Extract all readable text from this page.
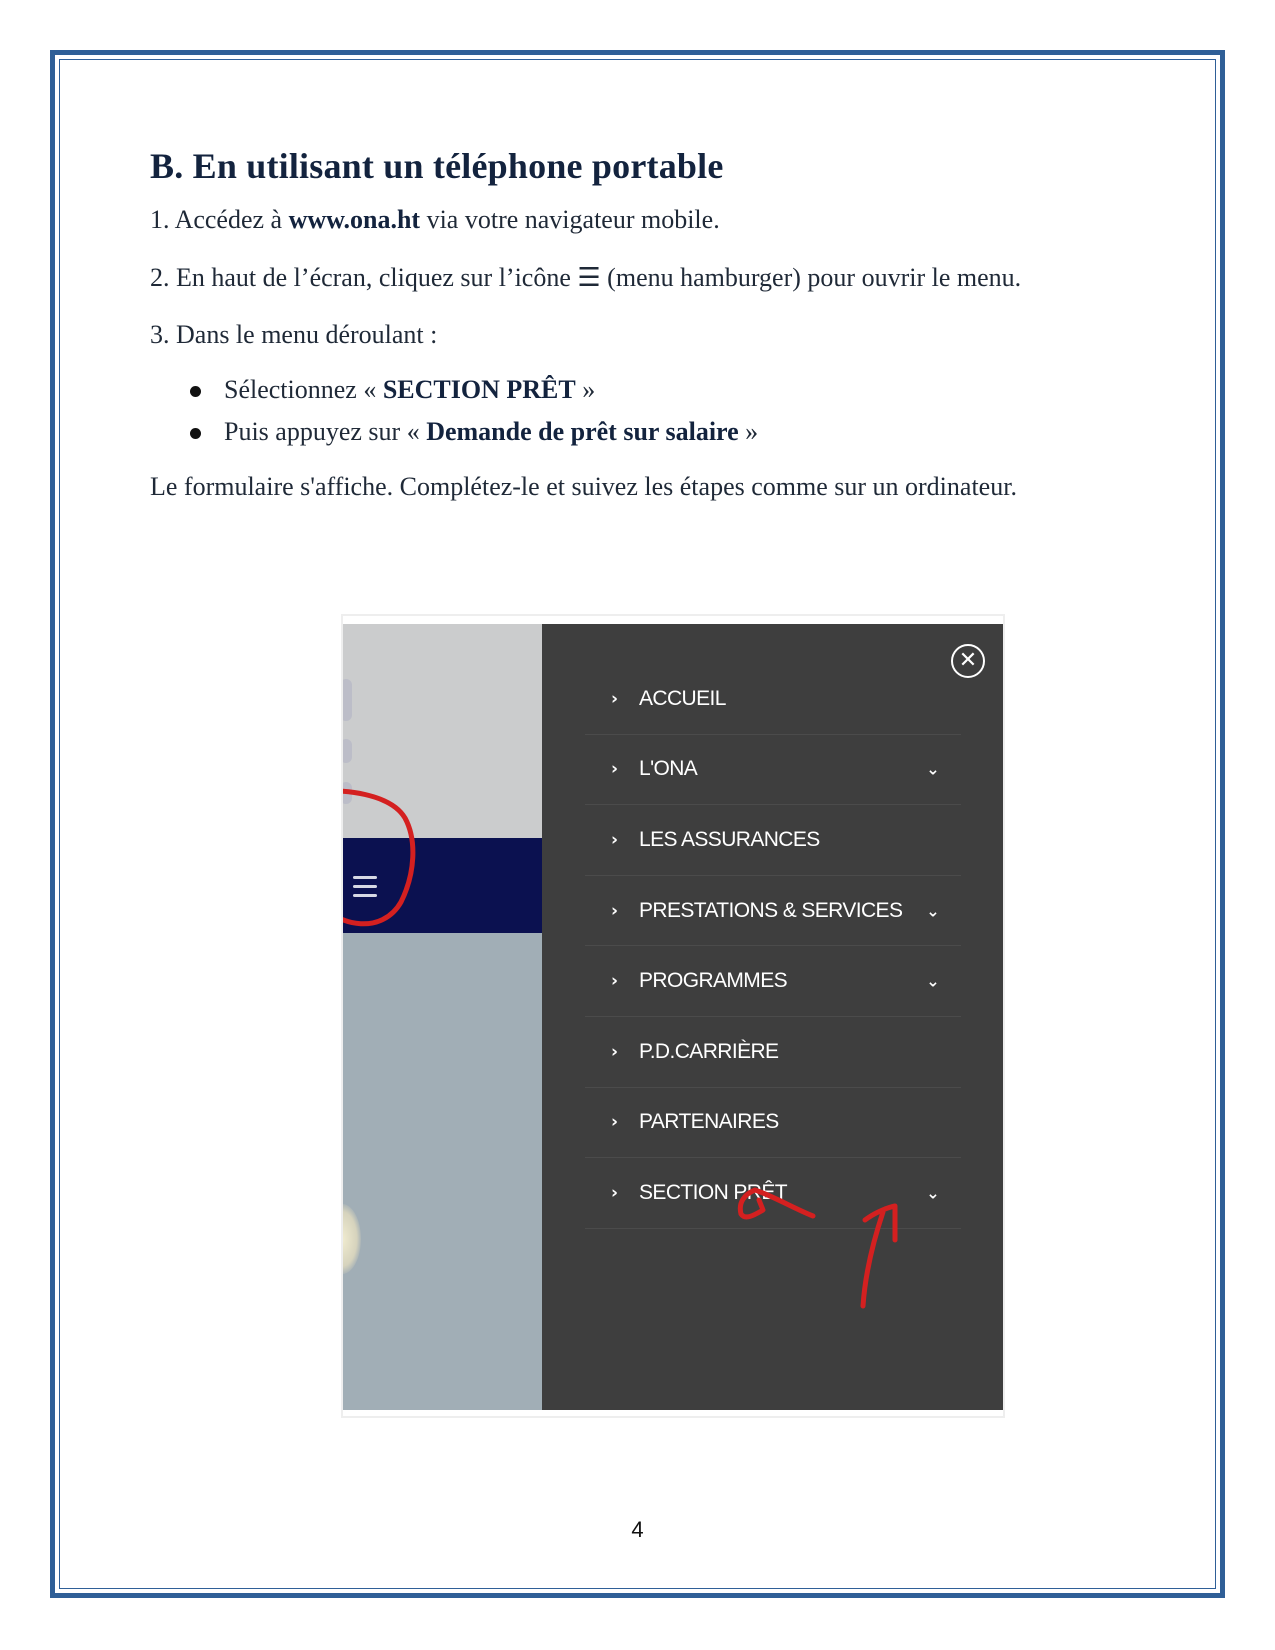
B. En utilisant un téléphone portable

1. Accédez à www.ona.ht via votre navigateur mobile.

2. En haut de l’écran, cliquez sur l’icône ☰ (menu hamburger) pour ouvrir le menu.

3. Dans le menu déroulant :

Sélectionnez « SECTION PRÊT »
Puis appuyez sur « Demande de prêt sur salaire »

Le formulaire s'affiche. Complétez-le et suivez les étapes comme sur un ordinateur.

✕
›	ACCUEIL
›	L'ONA	⌄
›	LES ASSURANCES
›	PRESTATIONS & SERVICES ⌄
›	PROGRAMMES	⌄
›	P.D.CARRIÈRE
›	PARTENAIRES
›	SECTION PRÊT	⌄
4
